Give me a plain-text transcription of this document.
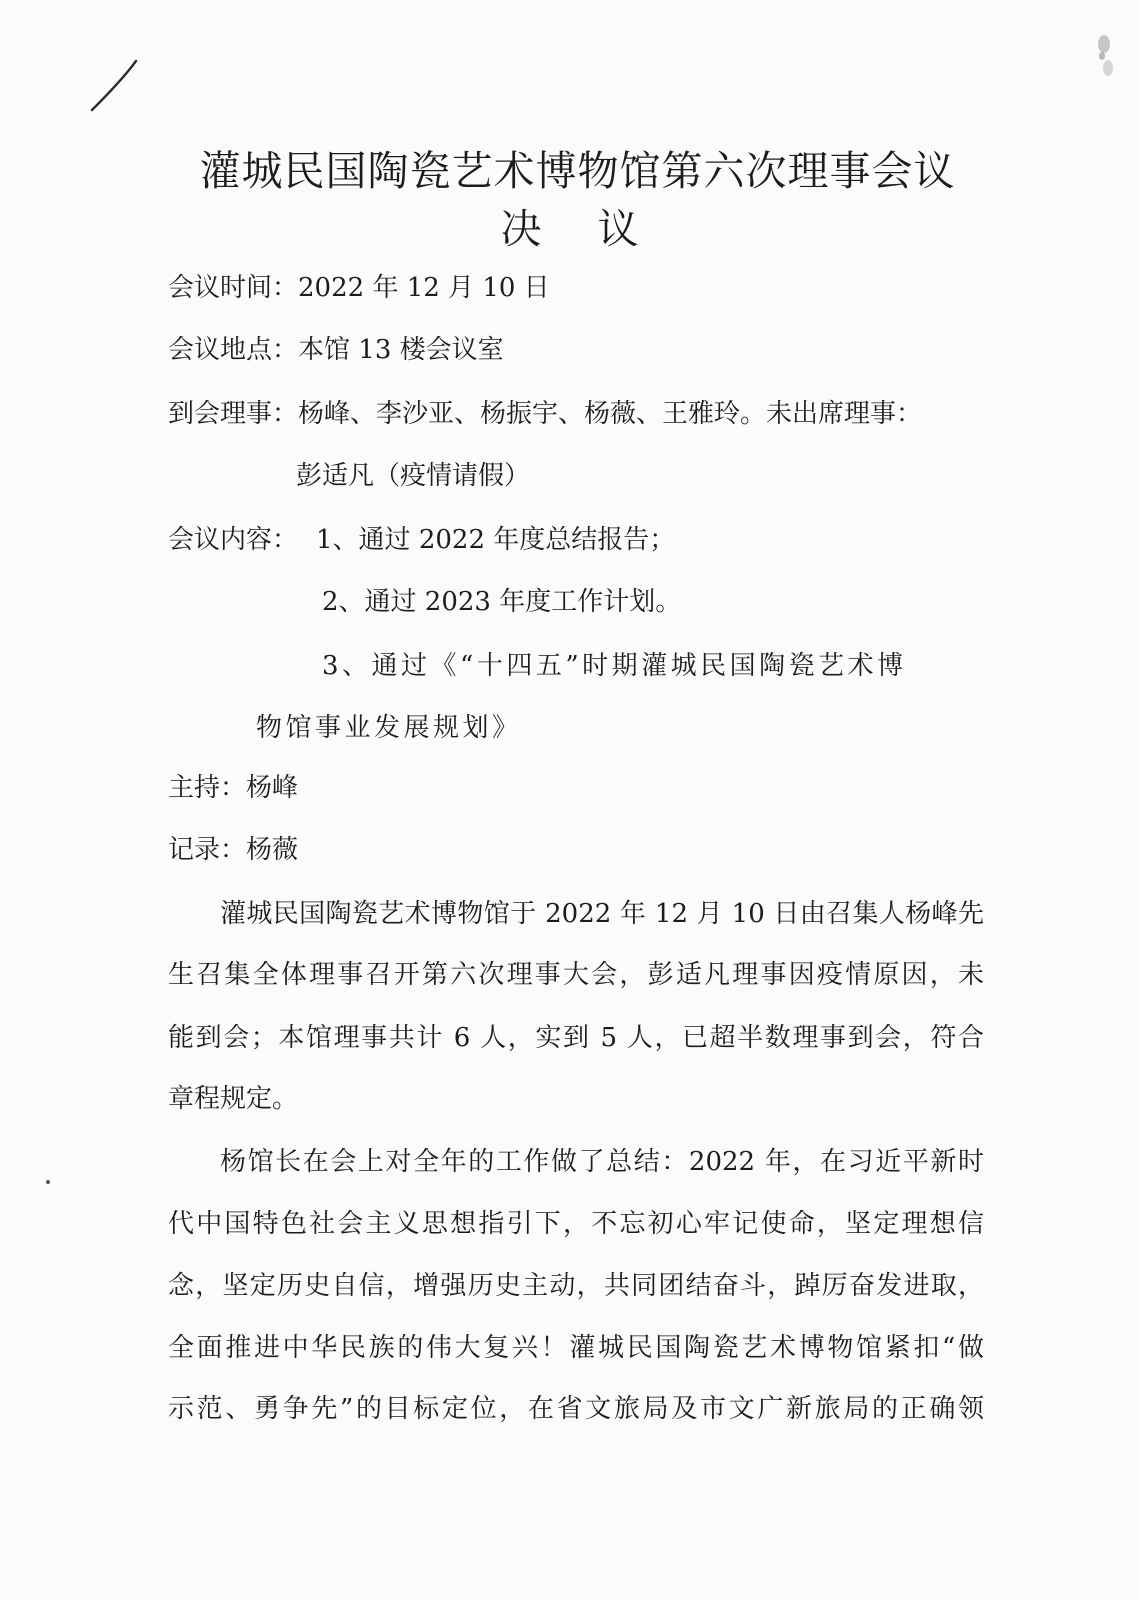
灌城民国陶瓷艺术博物馆第六次理事会议
决议
会议时间：2022 年 12 月 10 日
会议地点：本馆 13 楼会议室
到会理事：杨峰、李沙亚、杨振宇、杨薇、王雅玲。未出席理事：
彭适凡（疫情请假）
会议内容： 1、通过 2022 年度总结报告；
2、通过 2023 年度工作计划。
3、通过《“十四五”时期灌城民国陶瓷艺术博
物馆事业发展规划》
主持：杨峰
记录：杨薇
灌城民国陶瓷艺术博物馆于 2022 年 12 月 10 日由召集人杨峰先
生召集全体理事召开第六次理事大会，彭适凡理事因疫情原因，未
能到会；本馆理事共计 6 人，实到 5 人，已超半数理事到会，符合
章程规定。
杨馆长在会上对全年的工作做了总结：2022 年，在习近平新时
代中国特色社会主义思想指引下，不忘初心牢记使命，坚定理想信
念，坚定历史自信，增强历史主动，共同团结奋斗，踔厉奋发进取，
全面推进中华民族的伟大复兴！灌城民国陶瓷艺术博物馆紧扣“做
示范、勇争先”的目标定位，在省文旅局及市文广新旅局的正确领
